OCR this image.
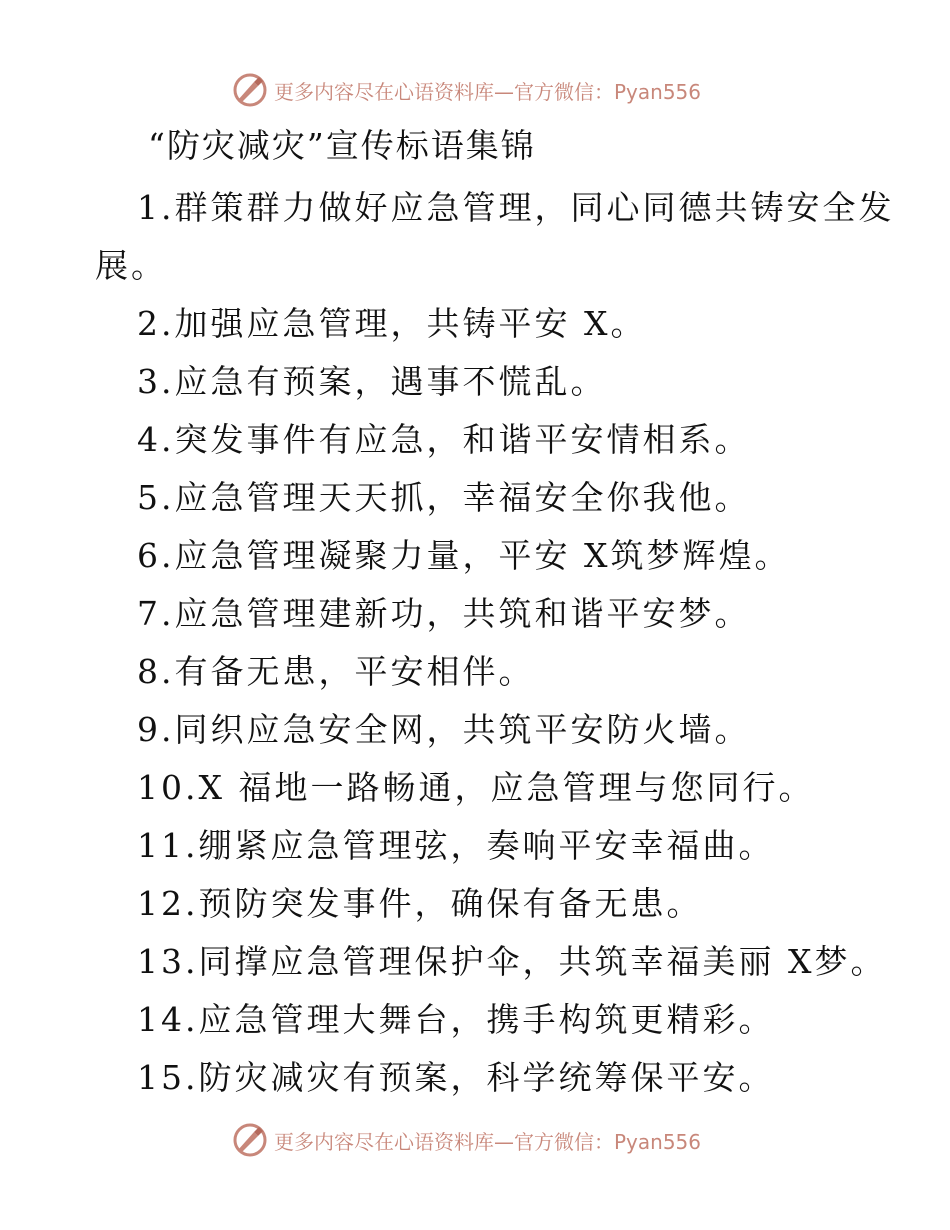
更多内容尽在心语资料库 —官方微信：Pyan556
“防灾减灾”宣传标语集锦
1.群策群力做好应急管理，同心同德共铸安全发
展。
2.加强应急管理，共铸平安 X。
3.应急有预案，遇事不慌乱。
4.突发事件有应急，和谐平安情相系。
5.应急管理天天抓，幸福安全你我他。
6.应急管理凝聚力量，平安 X筑梦辉煌。
7.应急管理建新功，共筑和谐平安梦。
8.有备无患，平安相伴。
9.同织应急安全网，共筑平安防火墙。
10.X 福地一路畅通，应急管理与您同行。
11.绷紧应急管理弦，奏响平安幸福曲。
12.预防突发事件，确保有备无患。
13.同撑应急管理保护伞，共筑幸福美丽 X梦。
14.应急管理大舞台，携手构筑更精彩。
15.防灾减灾有预案，科学统筹保平安。
更多内容尽在心语资料库 —官方微信：Pyan556
